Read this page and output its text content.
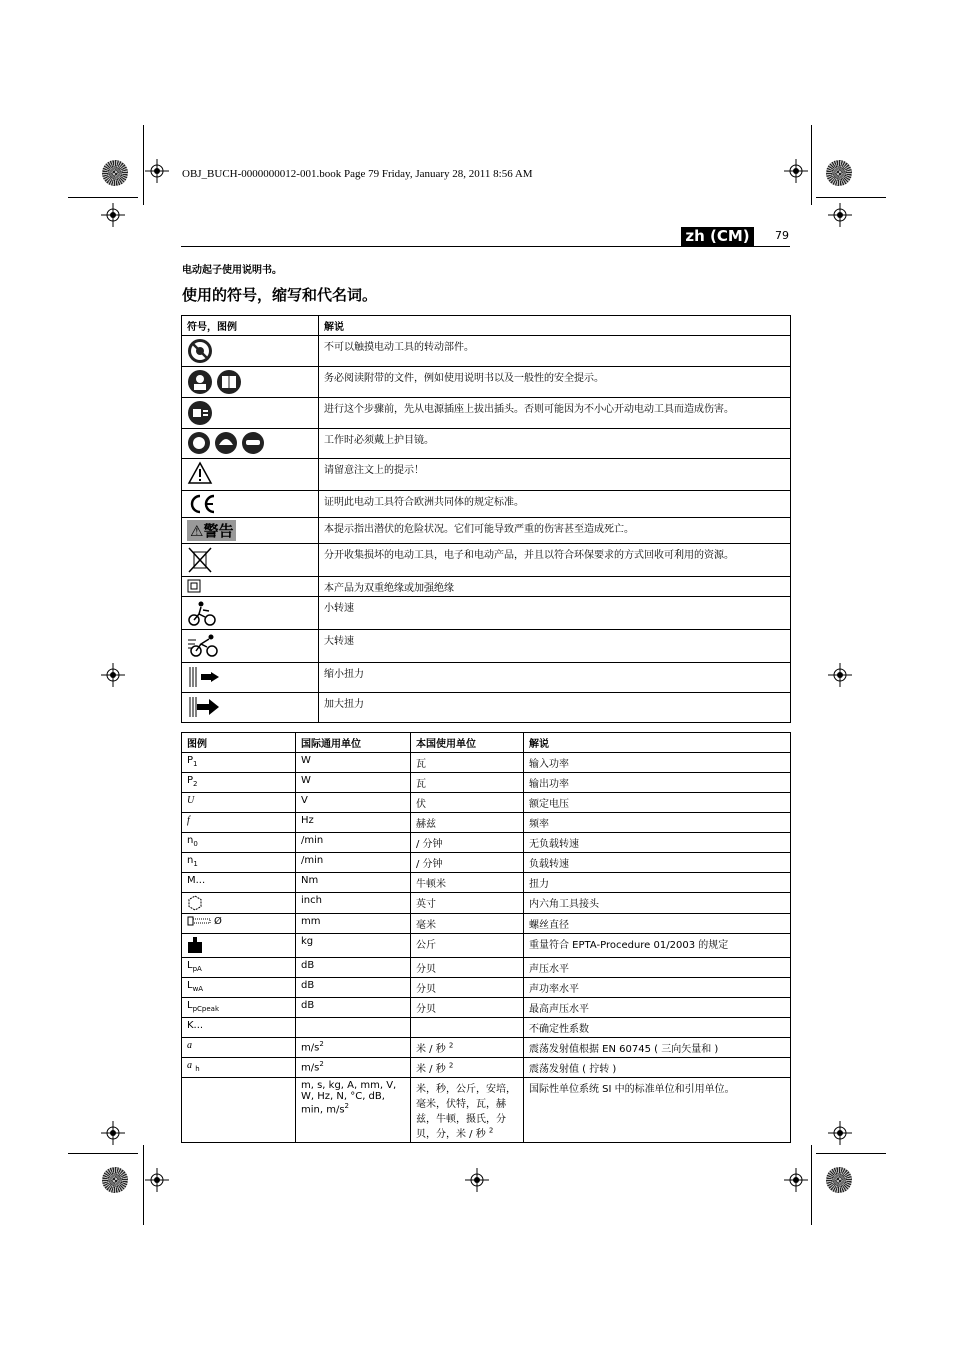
OBJ_BUCH-0000000012-001.book Page 79 Friday, January 28, 2011 8:56 AM
zh (CM)	79
电动起子使用说明书。
使用的符号，缩写和代名词。
符号，图例	解说
	不可以触摸电动工具的转动部件。
	务必阅读附带的文件，例如使用说明书以及一般性的安全提示。
	进行这个步骤前，先从电源插座上拔出插头。否则可能因为不小心开动电动工具而造成伤害。
	工作时必须戴上护目镜。
	请留意注文上的提示！
	证明此电动工具符合欧洲共同体的规定标准。
⚠警告	本提示指出潜伏的危险状况。它们可能导致严重的伤害甚至造成死亡。
	分开收集损坏的电动工具，电子和电动产品，并且以符合环保要求的方式回收可利用的资源。
	本产品为双重绝缘或加强绝缘
	小转速
	大转速
	缩小扭力
	加大扭力
图例	国际通用单位	本国使用单位	解说
$P_1$	W	瓦	输入功率
$P_2$	W	瓦	输出功率
U	V	伏	额定电压
f	Hz	赫兹	频率
$n_0$	/min	/ 分钟	无负载转速
$n_1$	/min	/ 分钟	负载转速
M...	Nm	牛顿米	扭力
	inch	英寸	内六角工具接头
Ø	mm	毫米	螺丝直径
	kg	公斤	重量符合 EPTA-Procedure 01/2003 的规定
$L_{pA}$	dB	分贝	声压水平
$L_{wA}$	dB	分贝	声功率水平
$L_{pCpeak}$	dB	分贝	最高声压水平
K...			不确定性系数
a	$m/s^2$	米 / 秒 $^2$	震荡发射值根据 EN 60745 ( 三向矢量和 )
a $_h$	$m/s^2$	米 / 秒 $^2$	震荡发射值 ( 拧转 )
	m, s, kg, A, mm, V, W, Hz, N, °C, dB, min, $m/s^2$	米，秒，公斤，安培，毫米，伏特，瓦，赫兹，牛顿，摄氏，分贝，分，米 / 秒 $^2$	国际性单位系统 SI 中的标准单位和引用单位。
